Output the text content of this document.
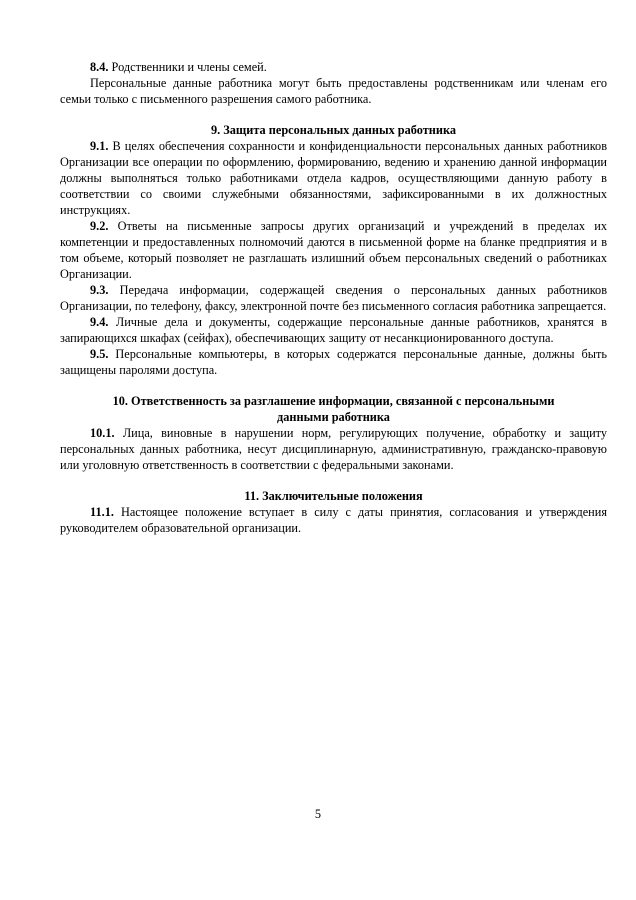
8.4. Родственники и члены семей.

Персональные данные работника могут быть предоставлены родственникам или членам его семьи только с письменного разрешения самого работника.

9. Защита персональных данных работника

9.1. В целях обеспечения сохранности и конфиденциальности персональных данных работников Организации все операции по оформлению, формированию, ведению и хранению данной информации должны выполняться только работниками отдела кадров, осуществляющими данную работу в соответствии со своими служебными обязанностями, зафиксированными в их должностных инструкциях.

9.2. Ответы на письменные запросы других организаций и учреждений в пределах их компетенции и предоставленных полномочий даются в письменной форме на бланке предприятия и в том объеме, который позволяет не разглашать излишний объем персональных сведений о работниках Организации.

9.3. Передача информации, содержащей сведения о персональных данных работников Организации, по телефону, факсу, электронной почте без письменного согласия работника запрещается.

9.4. Личные дела и документы, содержащие персональные данные работников, хранятся в запирающихся шкафах (сейфах), обеспечивающих защиту от несанкционированного доступа.

9.5. Персональные компьютеры, в которых содержатся персональные данные, должны быть защищены паролями доступа.

10. Ответственность за разглашение информации, связанной с персональными

данными работника

10.1. Лица, виновные в нарушении норм, регулирующих получение, обработку и защиту персональных данных работника, несут дисциплинарную, административную, гражданско-правовую или уголовную ответственность в соответствии с федеральными законами.

11. Заключительные положения

11.1. Настоящее положение вступает в силу с даты принятия, согласования и утверждения руководителем образовательной организации.

5
